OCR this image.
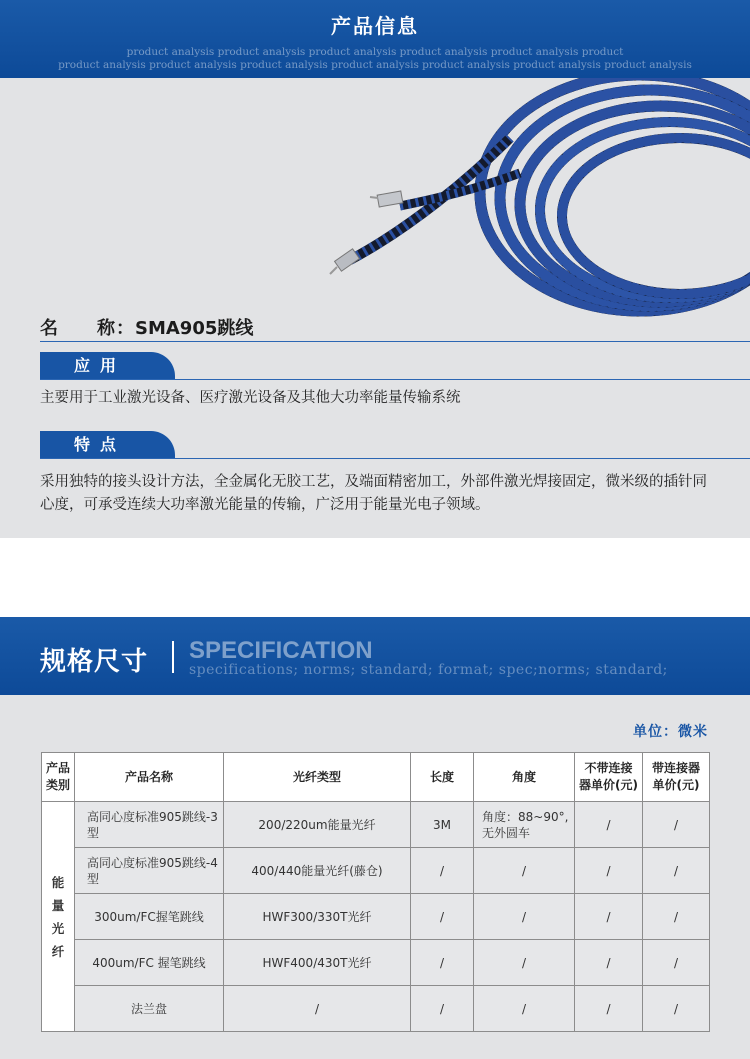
产品信息
product analysis product analysis product analysis product analysis product analysis product
product analysis product analysis product analysis product analysis product analysis product analysis product analysis
名　　称：SMA905跳线
应用
主要用于工业激光设备、医疗激光设备及其他大功率能量传输系统
特点
采用独特的接头设计方法，全金属化无胶工艺，及端面精密加工，外部件激光焊接固定，微米级的插针同心度，可承受连续大功率激光能量的传输，广泛用于能量光电子领域。
规格尺寸 SPECIFICATION
specifications; norms; standard; format; spec;norms; standard;
单位：微米
产品类别	产品名称	光纤类型	长度	角度	不带连接器单价(元)	带连接器单价(元)
能量光纤	高同心度标准905跳线-3型	200/220um能量光纤	3M	角度：88~90°,无外圆车	/	/
	高同心度标准905跳线-4型	400/440能量光纤(藤仓)	/	/	/	/
	300um/FC握笔跳线	HWF300/330T光纤	/	/	/	/
	400um/FC 握笔跳线	HWF400/430T光纤	/	/	/	/
	法兰盘	/	/	/	/	/
